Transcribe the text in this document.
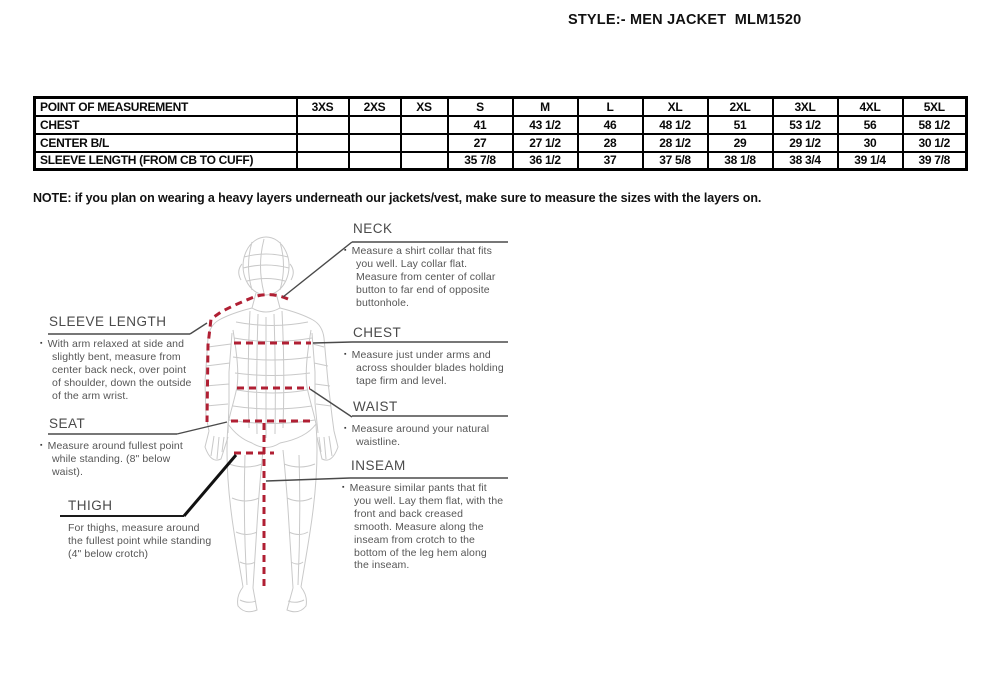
STYLE:- MEN JACKET  MLM1520
POINT OF MEASUREMENT	3XS	2XS	XS	S	M	L	XL	2XL	3XL	4XL	5XL
CHEST				41	43 1/2	46	48 1/2	51	53 1/2	56	58 1/2
CENTER B/L				27	27 1/2	28	28 1/2	29	29 1/2	30	30 1/2
SLEEVE LENGTH (FROM CB TO CUFF)				35 7/8	36 1/2	37	37 5/8	38 1/8	38 3/4	39 1/4	39 7/8
NOTE: if you plan on wearing a heavy layers underneath our jackets/vest, make sure to measure the sizes with the layers on.
NECK
▪ Measure a shirt collar that fits you well. Lay collar flat. Measure from center of collar button to far end of opposite buttonhole.
CHEST
▪ Measure just under arms and across shoulder blades holding tape firm and level.
WAIST
▪ Measure around your natural waistline.
INSEAM
▪ Measure similar pants that fit you well. Lay them flat, with the front and back creased smooth. Measure along the inseam from crotch to the bottom of the leg hem along the inseam.
SLEEVE LENGTH
▪ With arm relaxed at side and slightly bent, measure from center back neck, over point of shoulder, down the outside of the arm wrist.
SEAT
▪ Measure around fullest point while standing. (8" below waist).
THIGH
For thighs, measure around the fullest point while standing (4" below crotch)
